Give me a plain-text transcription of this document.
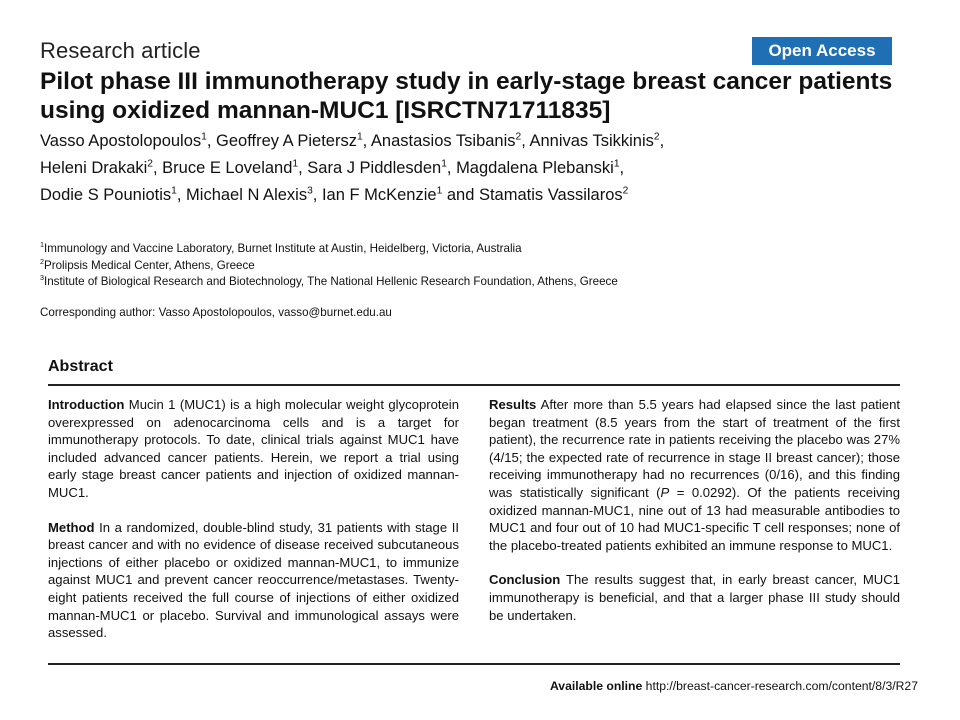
Research article	Open Access
Pilot phase III immunotherapy study in early-stage breast cancer patients using oxidized mannan-MUC1 [ISRCTN71711835]
Vasso Apostolopoulos$^1$, Geoffrey A Pietersz$^1$, Anastasios Tsibanis$^2$, Annivas Tsikkinis$^2$,
Heleni Drakaki$^2$, Bruce E Loveland$^1$, Sara J Piddlesden$^1$, Magdalena Plebanski$^1$,
Dodie S Pouniotis$^1$, Michael N Alexis$^3$, Ian F McKenzie$^1$ and Stamatis Vassilaros$^2$
$^1$Immunology and Vaccine Laboratory, Burnet Institute at Austin, Heidelberg, Victoria, Australia
$^2$Prolipsis Medical Center, Athens, Greece
$^3$Institute of Biological Research and Biotechnology, The National Hellenic Research Foundation, Athens, Greece
Corresponding author: Vasso Apostolopoulos, vasso@burnet.edu.au
Abstract

Introduction Mucin 1 (MUC1) is a high molecular weight glycoprotein overexpressed on adenocarcinoma cells and is a target for immunotherapy protocols. To date, clinical trials against MUC1 have included advanced cancer patients. Herein, we report a trial using early stage breast cancer patients and injection of oxidized mannan-MUC1.

Method In a randomized, double-blind study, 31 patients with stage II breast cancer and with no evidence of disease received subcutaneous injections of either placebo or oxidized mannan-MUC1, to immunize against MUC1 and prevent cancer reoccurrence/metastases. Twenty-eight patients received the full course of injections of either oxidized mannan-MUC1 or placebo. Survival and immunological assays were assessed.

Results After more than 5.5 years had elapsed since the last patient began treatment (8.5 years from the start of treatment of the first patient), the recurrence rate in patients receiving the placebo was 27% (4/15; the expected rate of recurrence in stage II breast cancer); those receiving immunotherapy had no recurrences (0/16), and this finding was statistically significant (P = 0.0292). Of the patients receiving oxidized mannan-MUC1, nine out of 13 had measurable antibodies to MUC1 and four out of 10 had MUC1-specific T cell responses; none of the placebo-treated patients exhibited an immune response to MUC1.

Conclusion The results suggest that, in early breast cancer, MUC1 immunotherapy is beneficial, and that a larger phase III study should be undertaken.

Available online http://breast-cancer-research.com/content/8/3/R27
